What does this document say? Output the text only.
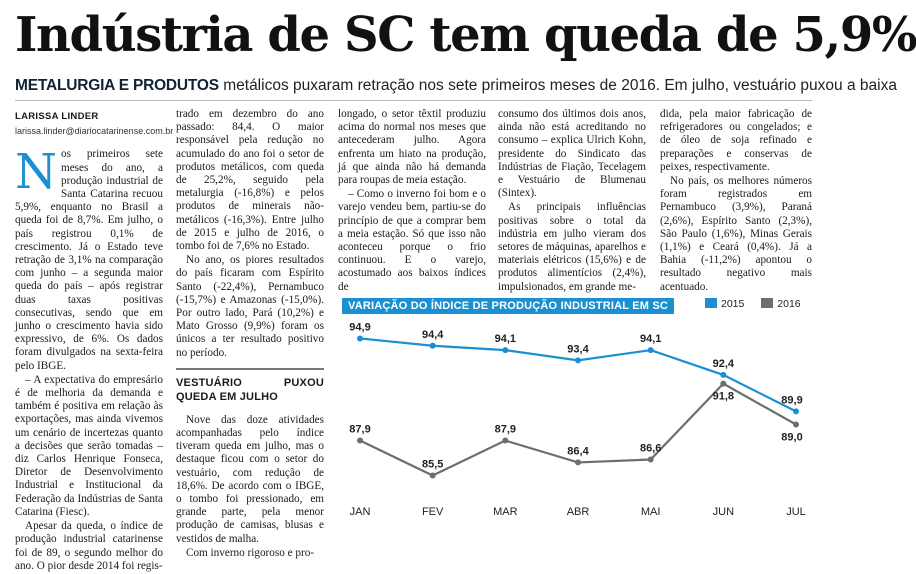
Indústria de SC tem queda de 5,9%
METALURGIA E PRODUTOS metálicos puxaram retração nos sete primeiros meses de 2016. Em julho, vestuário puxou a baixa
LARISSA LINDER
larissa.linder@diariocatarinense.com.br

Nos primeiros sete meses do ano, a produção industrial de Santa Catarina recuou 5,9%, enquanto no Brasil a queda foi de 8,7%. Em julho, o país registrou 0,1% de crescimento. Já o Estado teve retração de 3,1% na comparação com junho – a segunda maior queda do país – após registrar duas taxas positivas consecutivas, sendo que em junho o crescimento havia sido expressivo, de 6%. Os dados foram divulgados na sexta-feira pelo IBGE.

– A expectativa do empresário é de melhoria da demanda e também é positiva em relação às exportações, mas ainda vivemos um cenário de incertezas quanto a decisões que serão tomadas – diz Carlos Henrique Fonseca, Diretor de Desenvolvimento Industrial e Institucional da Federação da Indústrias de Santa Catarina (Fiesc).

Apesar da queda, o índice de produção industrial catarinense foi de 89, o segundo melhor do ano. O pior desde 2014 foi regis-

trado em dezembro do ano passado: 84,4. O maior responsável pela redução no acumulado do ano foi o setor de produtos metálicos, com queda de 25,2%, seguido pela metalurgia (-16,8%) e pelos produtos de minerais não-metálicos (-16,3%). Entre julho de 2015 e julho de 2016, o tombo foi de 7,6% no Estado.

No ano, os piores resultados do país ficaram com Espírito Santo (-22,4%), Pernambuco (-15,7%) e Amazonas (-15,0%). Por outro lado, Pará (10,2%) e Mato Grosso (9,9%) foram os únicos a ter resultado positivo no período.

VESTUÁRIO PUXOU QUEDA EM JULHO

Nove das doze atividades acompanhadas pelo índice tiveram queda em julho, mas o destaque ficou com o setor do vestuário, com redução de 18,6%. De acordo com o IBGE, o tombo foi pressionado, em grande parte, pela menor produção de camisas, blusas e vestidos de malha.

Com inverno rigoroso e pro-

longado, o setor têxtil produziu acima do normal nos meses que antecederam julho. Agora enfrenta um hiato na produção, já que ainda não há demanda para roupas de meia estação.

– Como o inverno foi bom e o varejo vendeu bem, partiu-se do princípio de que a comprar bem a meia estação. Só que isso não aconteceu porque o frio continuou. E o varejo, acostumado aos baixos índices de

consumo dos últimos dois anos, ainda não está acreditando no consumo – explica Ulrich Kohn, presidente do Sindicato das Indústrias de Fiação, Tecelagem e Vestuário de Blumenau (Sintex).

As principais influências positivas sobre o total da indústria em julho vieram dos setores de máquinas, aparelhos e materiais elétricos (15,6%) e de produtos alimentícios (2,4%), impulsionados, em grande me-

dida, pela maior fabricação de refrigeradores ou congelados; e de óleo de soja refinado e preparações e conservas de peixes, respectivamente.

No país, os melhores números foram registrados em Pernambuco (3,9%), Paraná (2,6%), Espírito Santo (2,3%), São Paulo (1,6%), Minas Gerais (1,1%) e Ceará (0,4%). Já a Bahia (-11,2%) apontou o resultado negativo mais acentuado.

VARIAÇÃO DO ÍNDICE DE PRODUÇÃO INDUSTRIAL EM SC	2015	2016
JAN	FEV	MAR	ABR	MAI	JUN	JUL
94,9
94,4	94,1
93,4
94,1
92,4
89,9
87,9
85,5
87,9
86,4	86,6
91,8
89,0
